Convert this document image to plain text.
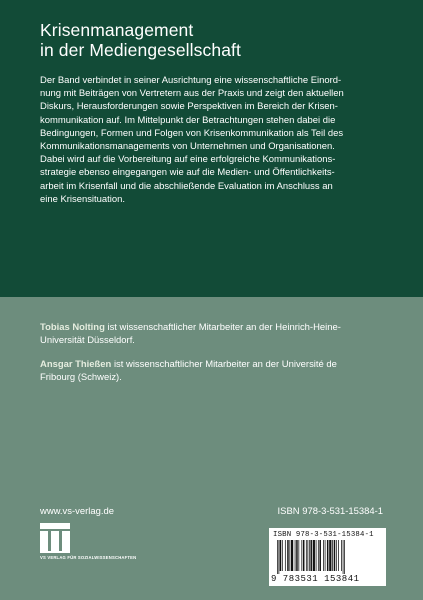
Krisenmanagement
in der Mediengesellschaft

Der Band verbindet in seiner Ausrichtung eine wissenschaftliche Einord-
nung mit Beiträgen von Vertretern aus der Praxis und zeigt den aktuellen
Diskurs, Herausforderungen sowie Perspektiven im Bereich der Krisen-
kommunikation auf. Im Mittelpunkt der Betrachtungen stehen dabei die
Bedingungen, Formen und Folgen von Krisenkommunikation als Teil des
Kommunikationsmanagements von Unternehmen und Organisationen.
Dabei wird auf die Vorbereitung auf eine erfolgreiche Kommunikations-
strategie ebenso eingegangen wie auf die Medien- und Öffentlichkeits-
arbeit im Krisenfall und die abschließende Evaluation im Anschluss an
eine Krisensituation.

Tobias Nolting ist wissenschaftlicher Mitarbeiter an der Heinrich-Heine-
Universität Düsseldorf.

Ansgar Thießen ist wissenschaftlicher Mitarbeiter an der Université de
Fribourg (Schweiz).

www.vs-verlag.de

VS VERLAG FÜR SOZIALWISSENSCHAFTEN

ISBN 978-3-531-15384-1

ISBN 978-3-531-15384-1
9 783531 153841
